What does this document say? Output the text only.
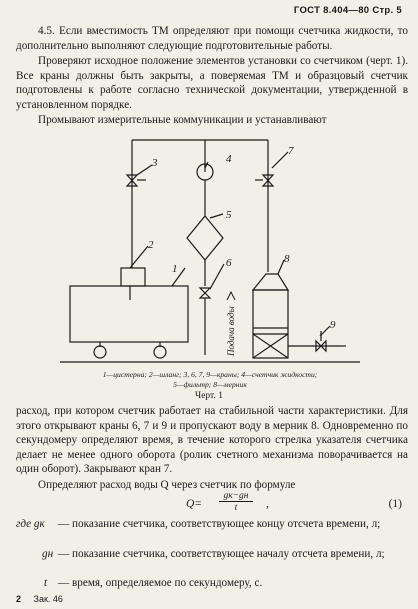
ГОСТ 8.404—80 Стр. 5

4.5. Если вместимость ТМ определяют при помощи счетчика жидкости, то дополнительно выполняют следующие подготовительные работы.

Проверяют исходное положение элементов установки со счетчиком (черт. 1). Все краны должны быть закрыты, а поверяемая ТМ и образцовый счетчик подготовлены к работе согласно технической документации, утвержденной в установленном порядке.

Промывают измерительные коммуникации и устанавливают

1
2
3	4
5
6
7
8
9
Подача воды
1—цистерна; 2—шланг; 3, 6, 7, 9—краны; 4—счетчик жидкости;
5—фильтр; 8—мерник
Черт. 1

расход, при котором счетчик работает на стабильной части характеристики. Для этого открывают краны 6, 7 и 9 и пропускают воду в мерник 8. Одновременно по секундомеру определяют время, в течение которого стрелка указателя счетчика делает не менее одного оборота (ролик счетного механизма поворачивается на один оборот). Закрывают кран 7.

Определяют расход воды Q через счетчик по формуле

Q=
gк−gн
t	,	(1)
где gк — показание счетчика, соответствующее концу отсчета времени, л;
gн — показание счетчика, соответствующее началу отсчета времени, л;
t — время, определяемое по секундомеру, с.
2 Зак. 46
